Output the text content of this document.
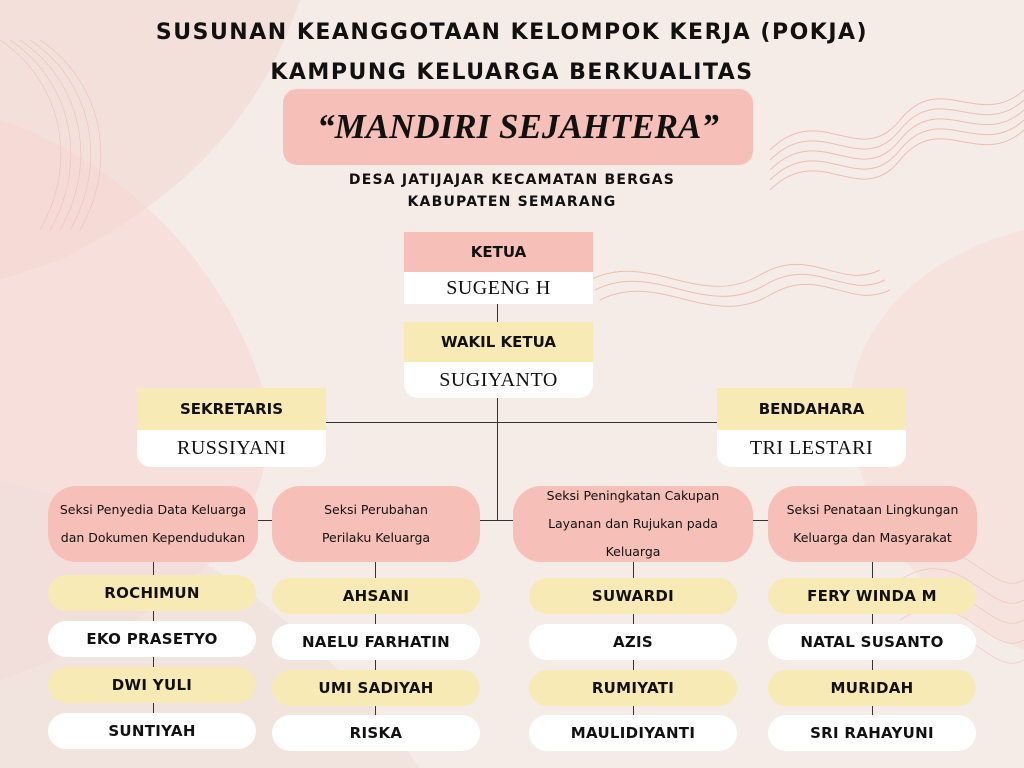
SUSUNAN KEANGGOTAAN KELOMPOK KERJA (POKJA)
KAMPUNG KELUARGA BERKUALITAS
“MANDIRI SEJAHTERA”
DESA JATIJAJAR KECAMATAN BERGAS
KABUPATEN SEMARANG
KETUA
SUGENG H
WAKIL KETUA
SUGIYANTO
SEKRETARIS
RUSSIYANI
BENDAHARA
TRI LESTARI
Seksi Penyedia Data Keluarga dan Dokumen Kependudukan
ROCHIMUN
EKO PRASETYO
DWI YULI
SUNTIYAH
Seksi Perubahan Perilaku Keluarga
AHSANI
NAELU FARHATIN
UMI SADIYAH
RISKA
Seksi Peningkatan Cakupan Layanan dan Rujukan pada Keluarga
SUWARDI
AZIS
RUMIYATI
MAULIDIYANTI
Seksi Penataan Lingkungan Keluarga dan Masyarakat
FERY WINDA M
NATAL SUSANTO
MURIDAH
SRI RAHAYUNI
